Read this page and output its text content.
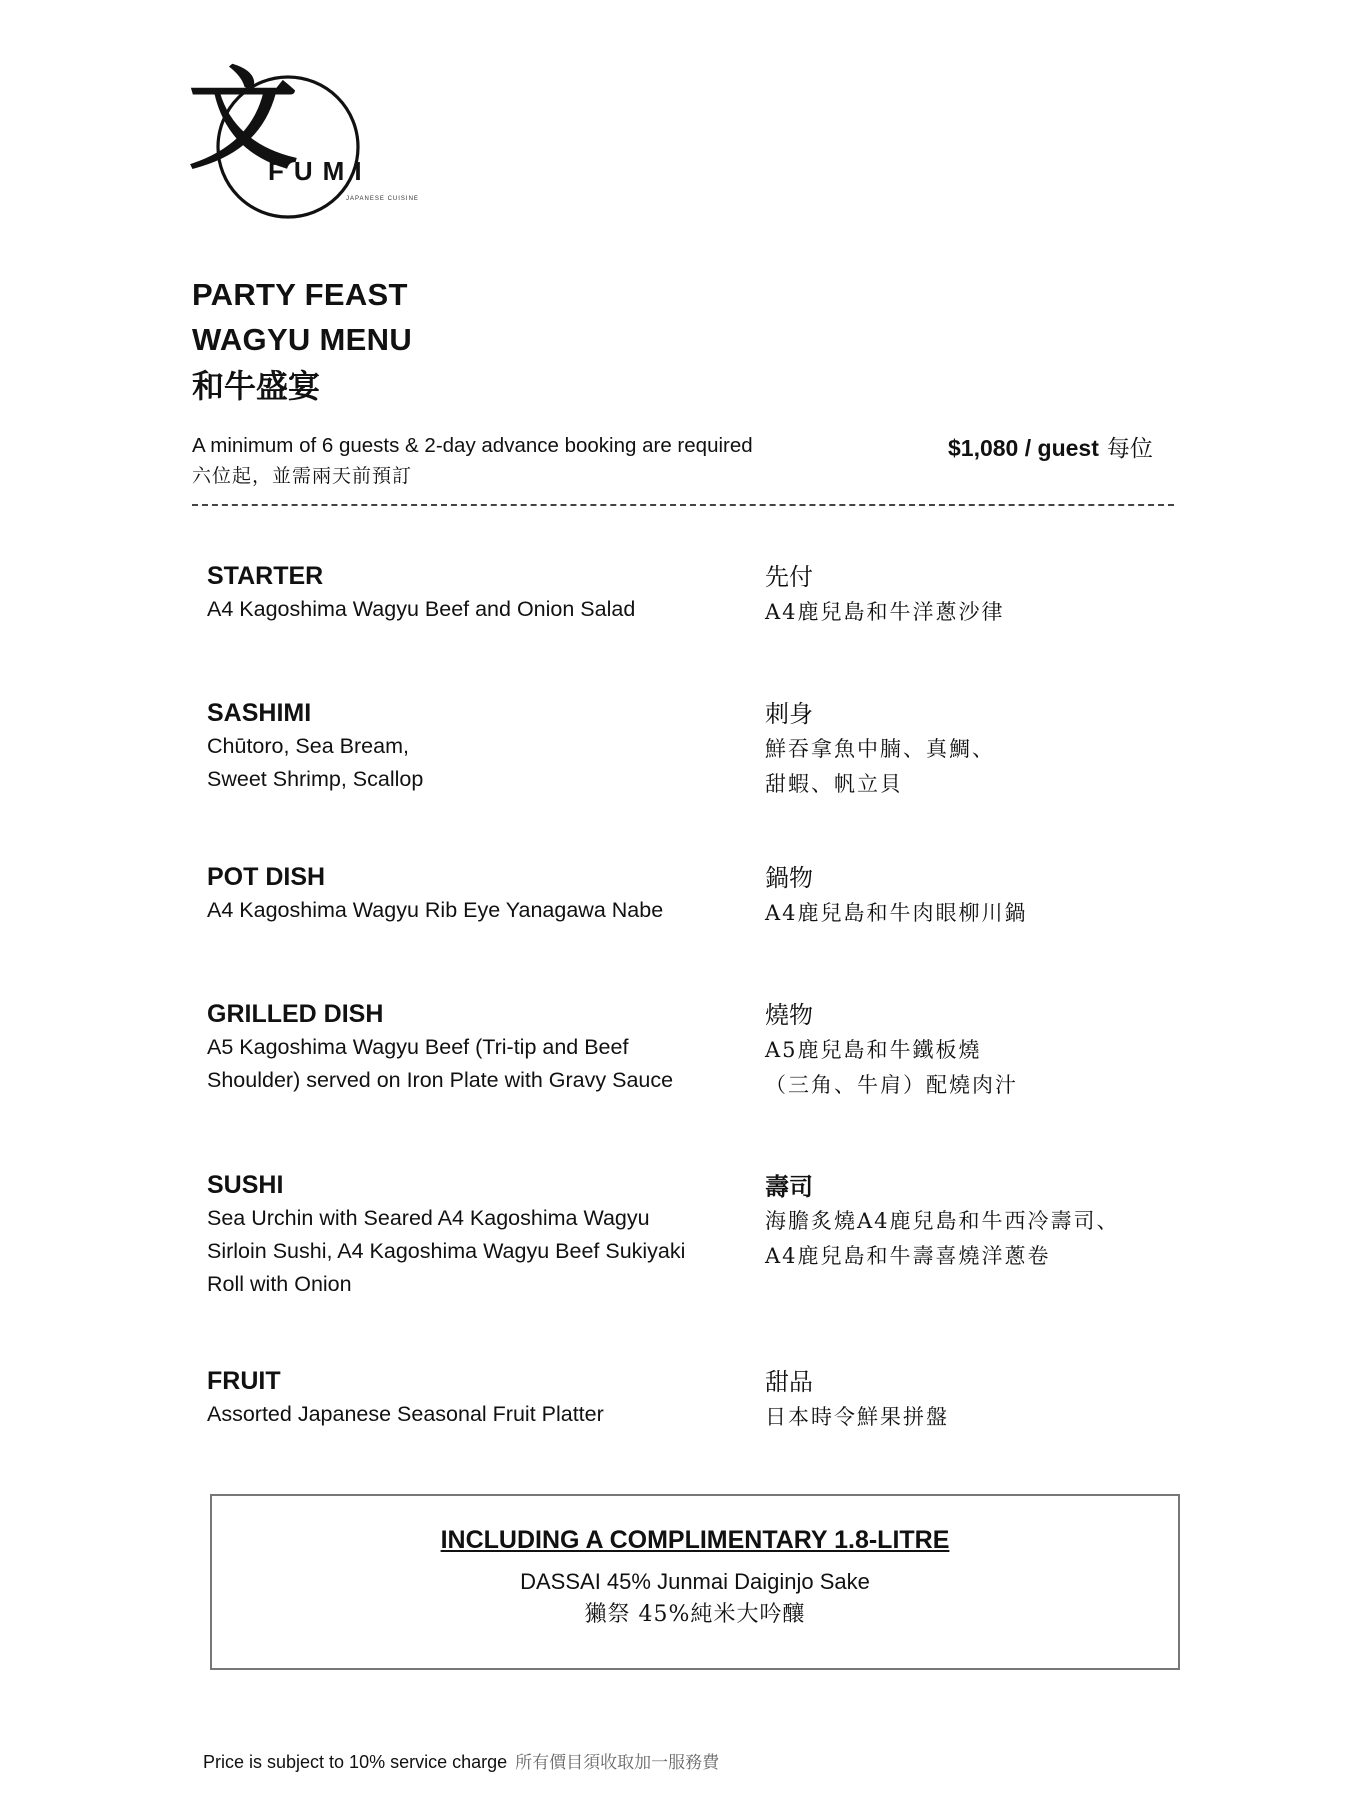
文
FUMI
JAPANESE CUISINE
PARTY FEAST
WAGYU MENU
和牛盛宴
A minimum of 6 guests & 2-day advance booking are required
六位起，並需兩天前預訂
$1,080 / guest 每位
STARTER
A4 Kagoshima Wagyu Beef and Onion Salad
先付
A4鹿兒島和牛洋蔥沙律
SASHIMI
Chūtoro, Sea Bream,
Sweet Shrimp, Scallop
刺身
鮮吞拿魚中腩、真鯛、
甜蝦、帆立貝
POT DISH
A4 Kagoshima Wagyu Rib Eye Yanagawa Nabe
鍋物
A4鹿兒島和牛肉眼柳川鍋
GRILLED DISH
A5 Kagoshima Wagyu Beef (Tri-tip and Beef
Shoulder) served on Iron Plate with Gravy Sauce
燒物
A5鹿兒島和牛鐵板燒
（三角、牛肩）配燒肉汁
SUSHI
Sea Urchin with Seared A4 Kagoshima Wagyu
Sirloin Sushi, A4 Kagoshima Wagyu Beef Sukiyaki
Roll with Onion
壽司
海膽炙燒A4鹿兒島和牛西冷壽司、
A4鹿兒島和牛壽喜燒洋蔥卷
FRUIT
Assorted Japanese Seasonal Fruit Platter
甜品
日本時令鮮果拼盤
INCLUDING A COMPLIMENTARY 1.8-LITRE
DASSAI 45% Junmai Daiginjo Sake
獺祭 45%純米大吟釀
Price is subject to 10% service charge 所有價目須收取加一服務費
